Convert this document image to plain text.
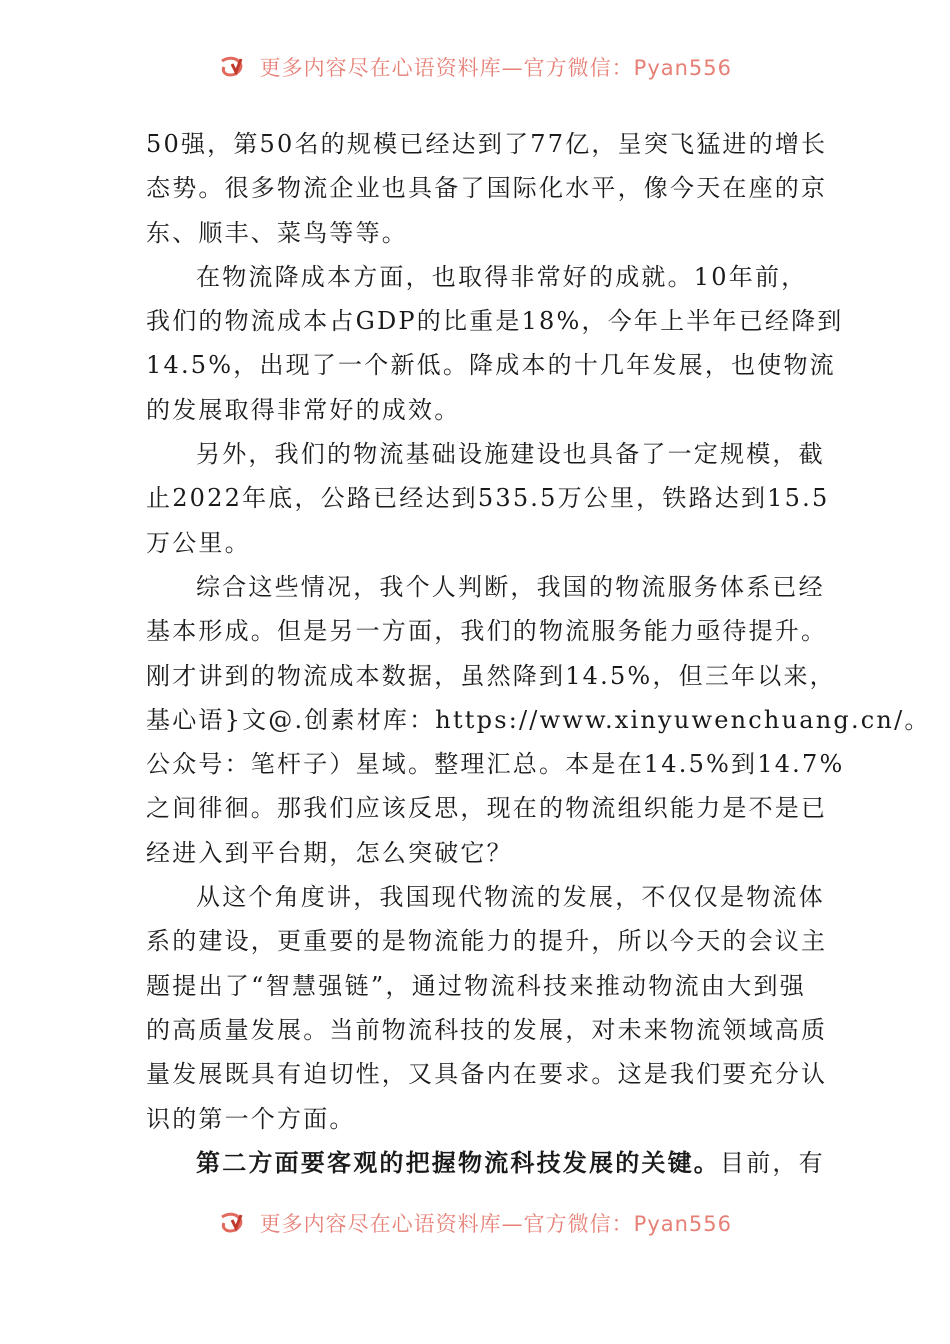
更多内容尽在心语资料库—官方微信：Pyan556
50强，第50名的规模已经达到了77亿，呈突飞猛进的增长
态势。很多物流企业也具备了国际化水平，像今天在座的京
东、顺丰、菜鸟等等。
在物流降成本方面，也取得非常好的成就。10年前，
我们的物流成本占GDP的比重是18%，今年上半年已经降到
14.5%，出现了一个新低。降成本的十几年发展，也使物流
的发展取得非常好的成效。
另外，我们的物流基础设施建设也具备了一定规模，截
止2022年底，公路已经达到535.5万公里，铁路达到15.5
万公里。
综合这些情况，我个人判断，我国的物流服务体系已经
基本形成。但是另一方面，我们的物流服务能力亟待提升。
刚才讲到的物流成本数据，虽然降到14.5%，但三年以来，
基心语}文@.创素材库：https://www.xinyuwenchuang.cn/。
公众号：笔杆子）星域。整理汇总。本是在14.5%到14.7%
之间徘徊。那我们应该反思，现在的物流组织能力是不是已
经进入到平台期，怎么突破它？
从这个角度讲，我国现代物流的发展，不仅仅是物流体
系的建设，更重要的是物流能力的提升，所以今天的会议主
题提出了“智慧强链”，通过物流科技来推动物流由大到强
的高质量发展。当前物流科技的发展，对未来物流领域高质
量发展既具有迫切性，又具备内在要求。这是我们要充分认
识的第一个方面。
第二方面要客观的把握物流科技发展的关键。目前，有
更多内容尽在心语资料库—官方微信：Pyan556
